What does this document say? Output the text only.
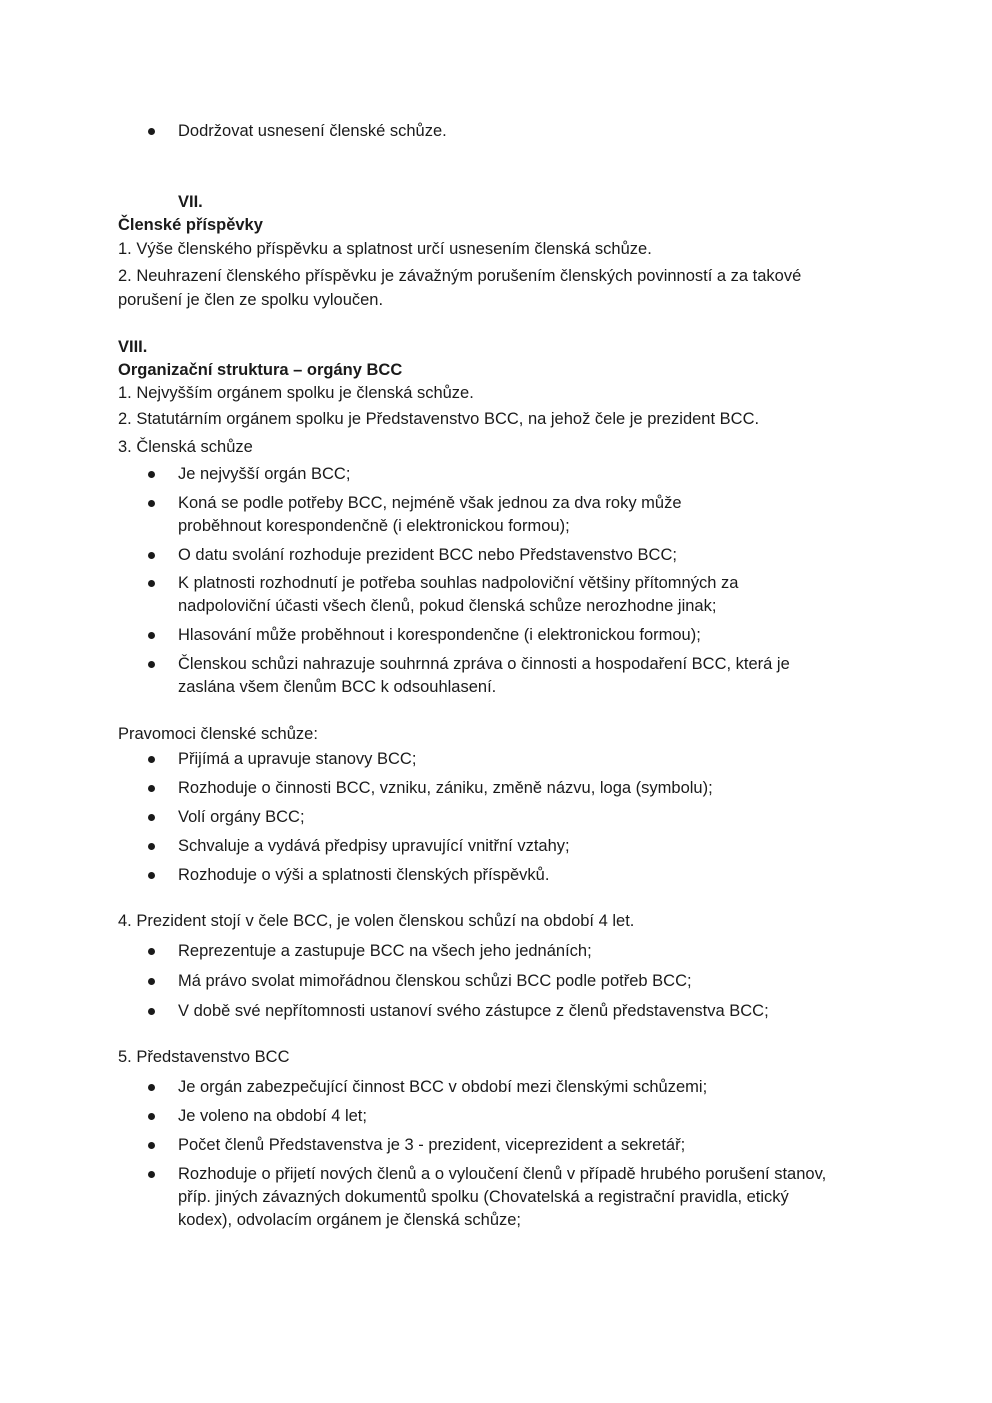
Dodržovat usnesení členské schůze.
VII.
Členské příspěvky
1. Výše členského příspěvku a splatnost určí usnesením členská schůze.
2. Neuhrazení členského příspěvku je závažným porušením členských povinností a za takové
porušení je člen ze spolku vyloučen.
VIII.
Organizační struktura – orgány BCC
1. Nejvyšším orgánem spolku je členská schůze.
2. Statutárním orgánem spolku je Představenstvo BCC, na jehož čele je prezident BCC.
3. Členská schůze
Je nejvyšší orgán BCC;
Koná se podle potřeby BCC, nejméně však jednou za dva roky může
proběhnout korespondenčně (i elektronickou formou);
O datu svolání rozhoduje prezident BCC nebo Představenstvo BCC;
K platnosti rozhodnutí je potřeba souhlas nadpoloviční většiny přítomných za
nadpoloviční účasti všech členů, pokud členská schůze nerozhodne jinak;
Hlasování může proběhnout i korespondenčne (i elektronickou formou);
Členskou schůzi nahrazuje souhrnná zpráva o činnosti a hospodaření BCC, která je
zaslána všem členům BCC k odsouhlasení.
Pravomoci členské schůze:
Přijímá a upravuje stanovy BCC;
Rozhoduje o činnosti BCC, vzniku, zániku, změně názvu, loga (symbolu);
Volí orgány BCC;
Schvaluje a vydává předpisy upravující vnitřní vztahy;
Rozhoduje o výši a splatnosti členských příspěvků.
4. Prezident stojí v čele BCC, je volen členskou schůzí na období 4 let.
Reprezentuje a zastupuje BCC na všech jeho jednáních;
Má právo svolat mimořádnou členskou schůzi BCC podle potřeb BCC;
V době své nepřítomnosti ustanoví svého zástupce z členů představenstva BCC;
5. Představenstvo BCC
Je orgán zabezpečující činnost BCC v období mezi členskými schůzemi;
Je voleno na období 4 let;
Počet členů Představenstva je 3 - prezident, viceprezident a sekretář;
Rozhoduje o přijetí nových členů a o vyloučení členů v případě hrubého porušení stanov,
příp. jiných závazných dokumentů spolku (Chovatelská a registrační pravidla, etický
kodex), odvolacím orgánem je členská schůze;
